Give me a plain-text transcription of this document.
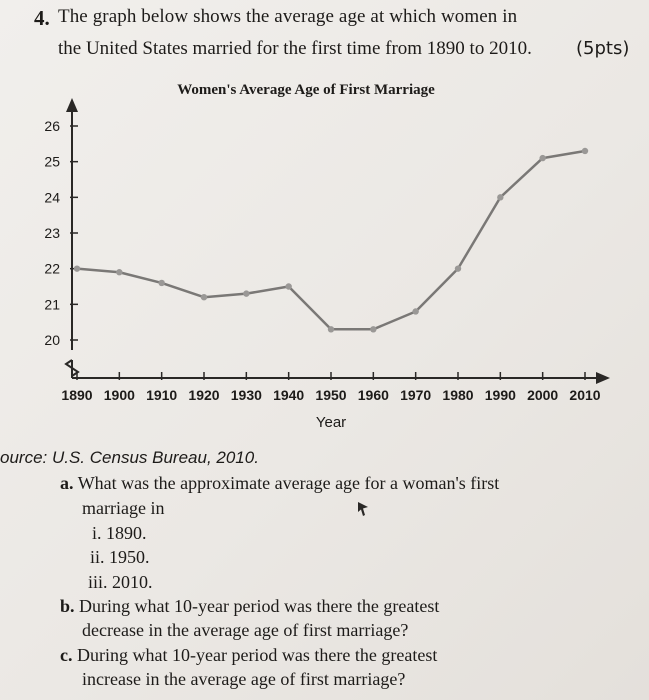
4. The graph below shows the average age at which women in
the United States married for the first time from 1890 to 2010. (5pts)
Women's Average Age of First Marriage
20
21
22
23
24
25
26
1890 1900 1910 1920 1930 1940 1950 1960 1970 1980 1990 2000 2010
Year
ource: U.S. Census Bureau, 2010.
a. What was the approximate average age for a woman's first
marriage in
i. 1890.
ii. 1950.
iii. 2010.
b. During what 10-year period was there the greatest
decrease in the average age of first marriage?
c. During what 10-year period was there the greatest
increase in the average age of first marriage?
